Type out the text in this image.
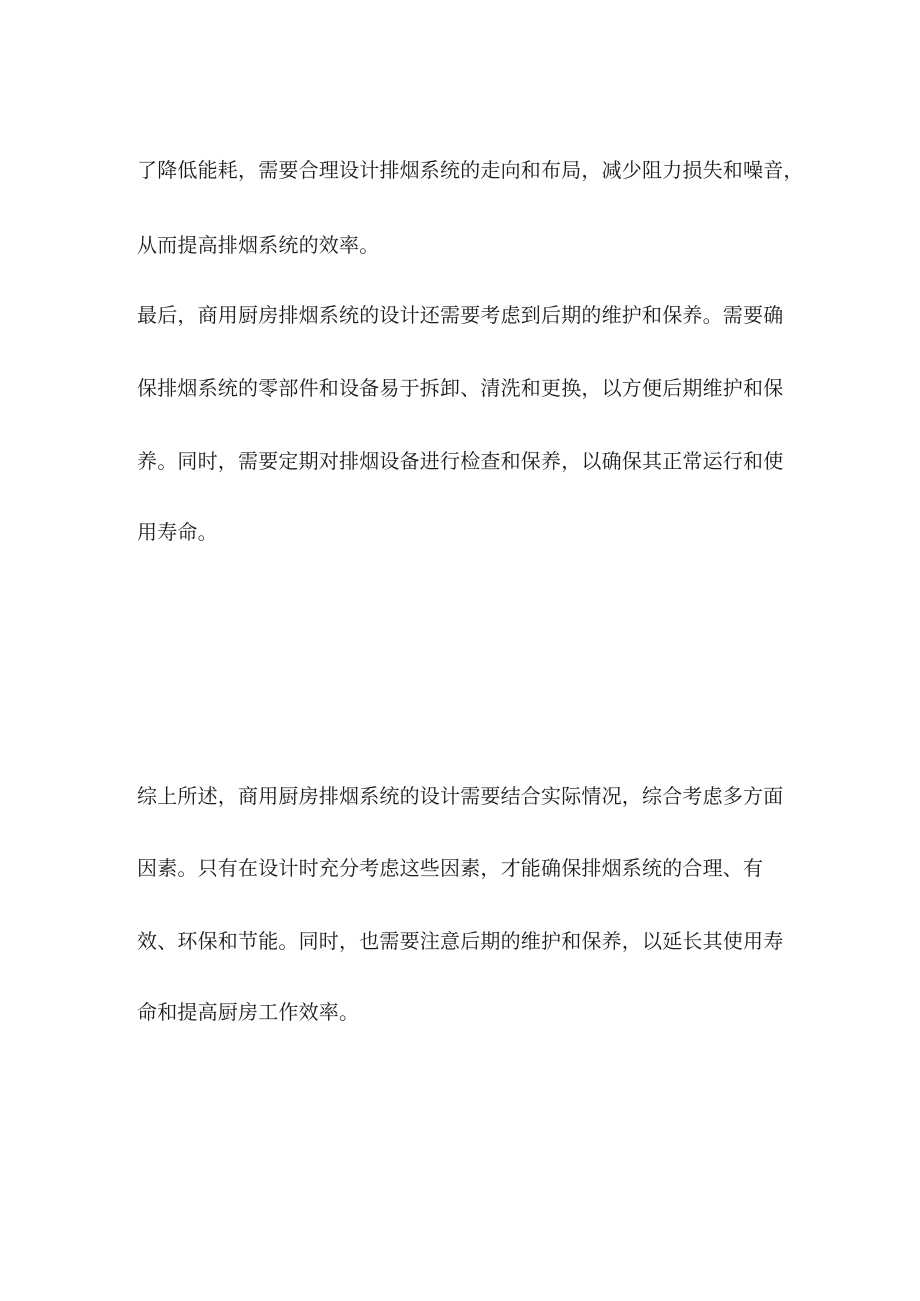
了降低能耗，需要合理设计排烟系统的走向和布局，减少阻力损失和噪音，
从而提高排烟系统的效率。
最后，商用厨房排烟系统的设计还需要考虑到后期的维护和保养。需要确
保排烟系统的零部件和设备易于拆卸、清洗和更换，以方便后期维护和保
养。同时，需要定期对排烟设备进行检查和保养，以确保其正常运行和使
用寿命。
综上所述，商用厨房排烟系统的设计需要结合实际情况，综合考虑多方面
因素。只有在设计时充分考虑这些因素，才能确保排烟系统的合理、有
效、环保和节能。同时，也需要注意后期的维护和保养，以延长其使用寿
命和提高厨房工作效率。
